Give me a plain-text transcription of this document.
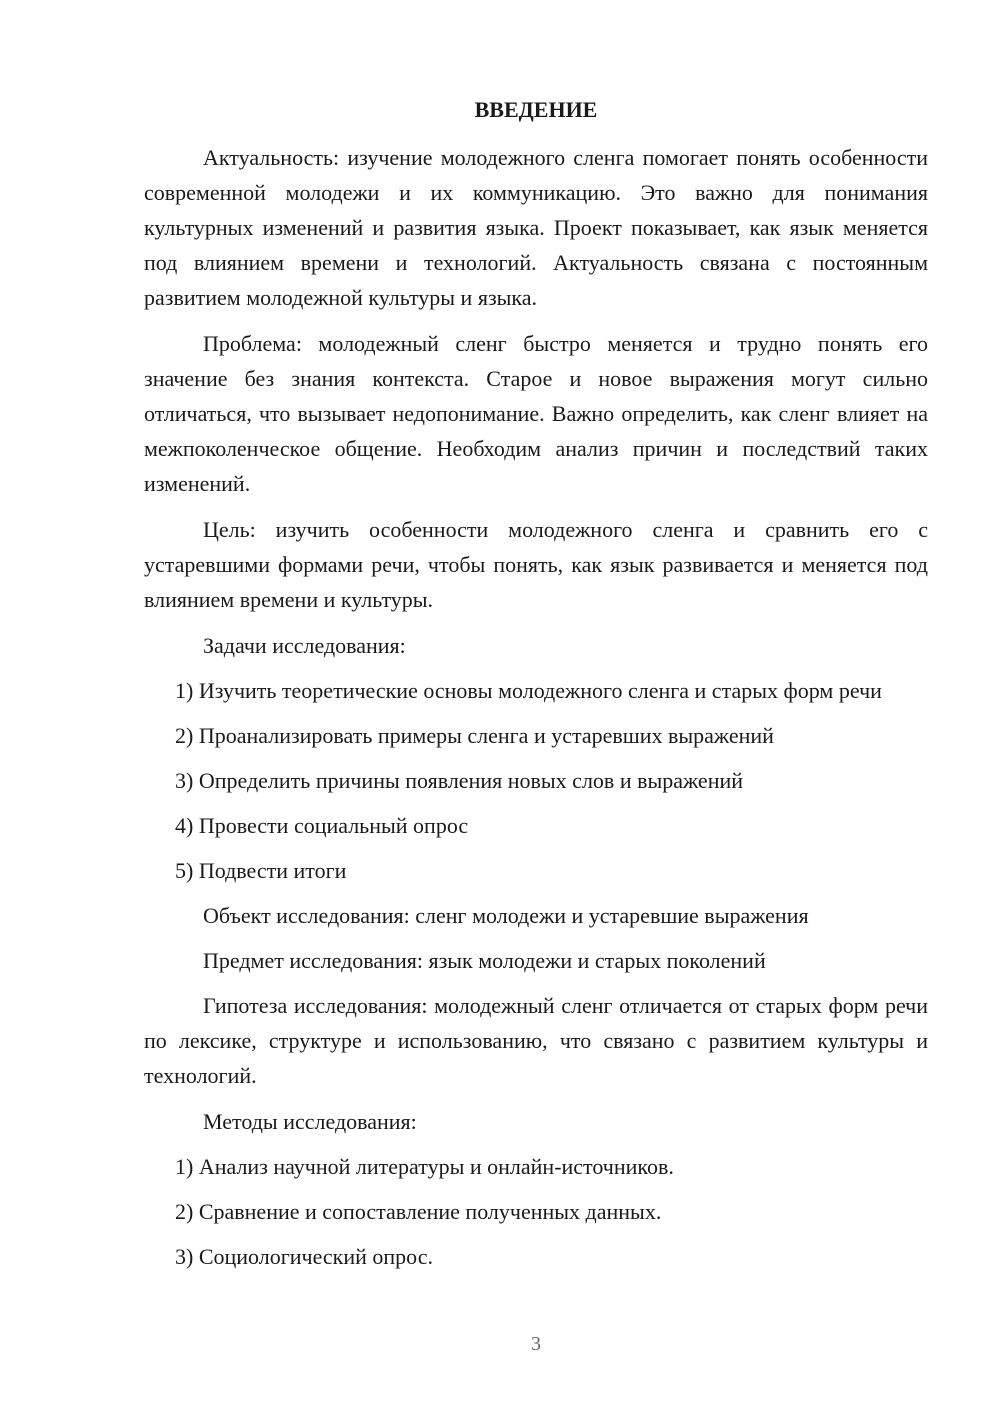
ВВЕДЕНИЕ

Актуальность: изучение молодежного сленга помогает понять особенности современной молодежи и их коммуникацию. Это важно для понимания культурных изменений и развития языка. Проект показывает, как язык меняется под влиянием времени и технологий. Актуальность связана с постоянным развитием молодежной культуры и языка.

Проблема: молодежный сленг быстро меняется и трудно понять его значение без знания контекста. Старое и новое выражения могут сильно отличаться, что вызывает недопонимание. Важно определить, как сленг влияет на межпоколенческое общение. Необходим анализ причин и последствий таких изменений.

Цель: изучить особенности молодежного сленга и сравнить его с устаревшими формами речи, чтобы понять, как язык развивается и меняется под влиянием времени и культуры.

Задачи исследования:

1) Изучить теоретические основы молодежного сленга и старых форм речи

2) Проанализировать примеры сленга и устаревших выражений

3) Определить причины появления новых слов и выражений

4) Провести социальный опрос

5) Подвести итоги

Объект исследования: сленг молодежи и устаревшие выражения

Предмет исследования: язык молодежи и старых поколений

Гипотеза исследования: молодежный сленг отличается от старых форм речи по лексике, структуре и использованию, что связано с развитием культуры и технологий.

Методы исследования:

1) Анализ научной литературы и онлайн-источников.

2) Сравнение и сопоставление полученных данных.

3) Социологический опрос.

3
